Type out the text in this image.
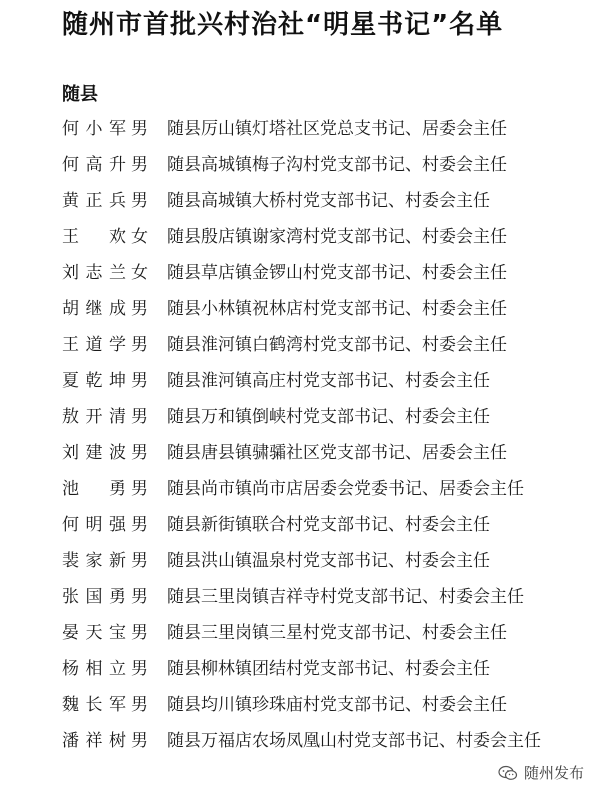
随州市首批兴村治社“明星书记”名单
随县
何小军 男 随县厉山镇灯塔社区党总支书记、居委会主任
何高升 男 随县高城镇梅子沟村党支部书记、村委会主任
黄正兵 男 随县高城镇大桥村党支部书记、村委会主任
王欢 女 随县殷店镇谢家湾村党支部书记、村委会主任
刘志兰 女 随县草店镇金锣山村党支部书记、村委会主任
胡继成 男 随县小林镇祝林店村党支部书记、村委会主任
王道学 男 随县淮河镇白鹤湾村党支部书记、村委会主任
夏乾坤 男 随县淮河镇高庄村党支部书记、村委会主任
敖开清 男 随县万和镇倒峡村党支部书记、村委会主任
刘建波 男 随县唐县镇骕骦社区党支部书记、居委会主任
池勇 男 随县尚市镇尚市店居委会党委书记、居委会主任
何明强 男 随县新街镇联合村党支部书记、村委会主任
裴家新 男 随县洪山镇温泉村党支部书记、村委会主任
张国勇 男 随县三里岗镇吉祥寺村党支部书记、村委会主任
晏天宝 男 随县三里岗镇三星村党支部书记、村委会主任
杨相立 男 随县柳林镇团结村党支部书记、村委会主任
魏长军 男 随县均川镇珍珠庙村党支部书记、村委会主任
潘祥树 男 随县万福店农场凤凰山村党支部书记、村委会主任
随州发布
